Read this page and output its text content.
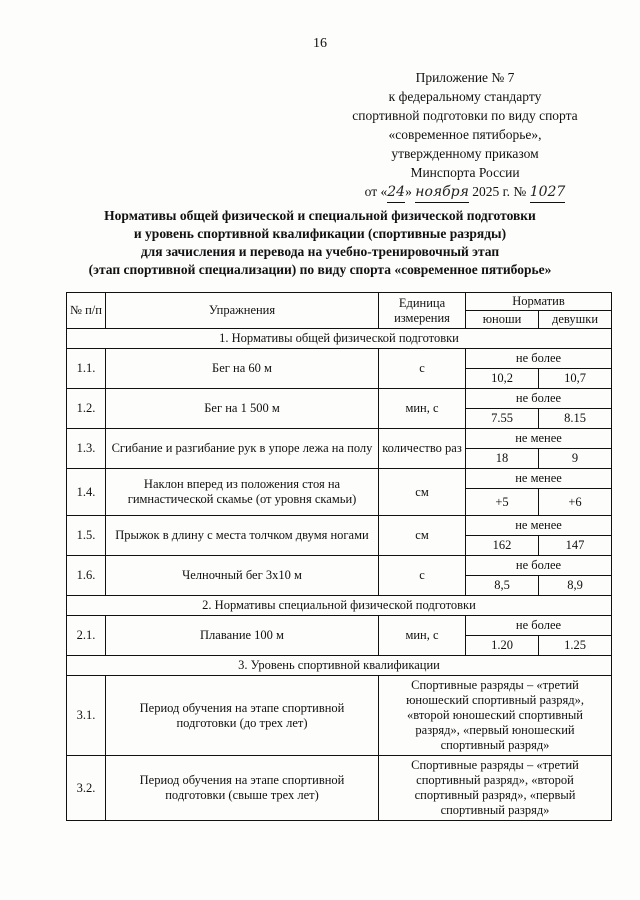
16
Приложение № 7
к федеральному стандарту
спортивной подготовки по виду спорта
«современное пятиборье»,
утвержденному приказом
Минспорта России
от «24» ноября 2025 г. № 1027
Нормативы общей физической и специальной физической подготовки
и уровень спортивной квалификации (спортивные разряды)
для зачисления и перевода на учебно-тренировочный этап
(этап спортивной специализации) по виду спорта «современное пятиборье»
№ п/п	Упражнения	Единица измерения	Норматив	
			юноши	девушки
1. Нормативы общей физической подготовки				
1.1.	Бег на 60 м	с	не более	
			10,2	10,7
1.2.	Бег на 1 500 м	мин, с	не более	
			7.55	8.15
1.3.	Сгибание и разгибание рук в упоре лежа на полу	количество раз	не менее	
			18	9
1.4.	Наклон вперед из положения стоя на гимнастической скамье (от уровня скамьи)	см	не менее	
			+5	+6
1.5.	Прыжок в длину с места толчком двумя ногами	см	не менее	
			162	147
1.6.	Челночный бег 3х10 м	с	не более	
			8,5	8,9
2. Нормативы специальной физической подготовки				
2.1.	Плавание 100 м	мин, с	не более	
			1.20	1.25
3. Уровень спортивной квалификации				
3.1.	Период обучения на этапе спортивной подготовки (до трех лет)	Спортивные разряды – «третий юношеский спортивный разряд», «второй юношеский спортивный разряд», «первый юношеский спортивный разряд»		
3.2.	Период обучения на этапе спортивной подготовки (свыше трех лет)	Спортивные разряды – «третий спортивный разряд», «второй спортивный разряд», «первый спортивный разряд»		
